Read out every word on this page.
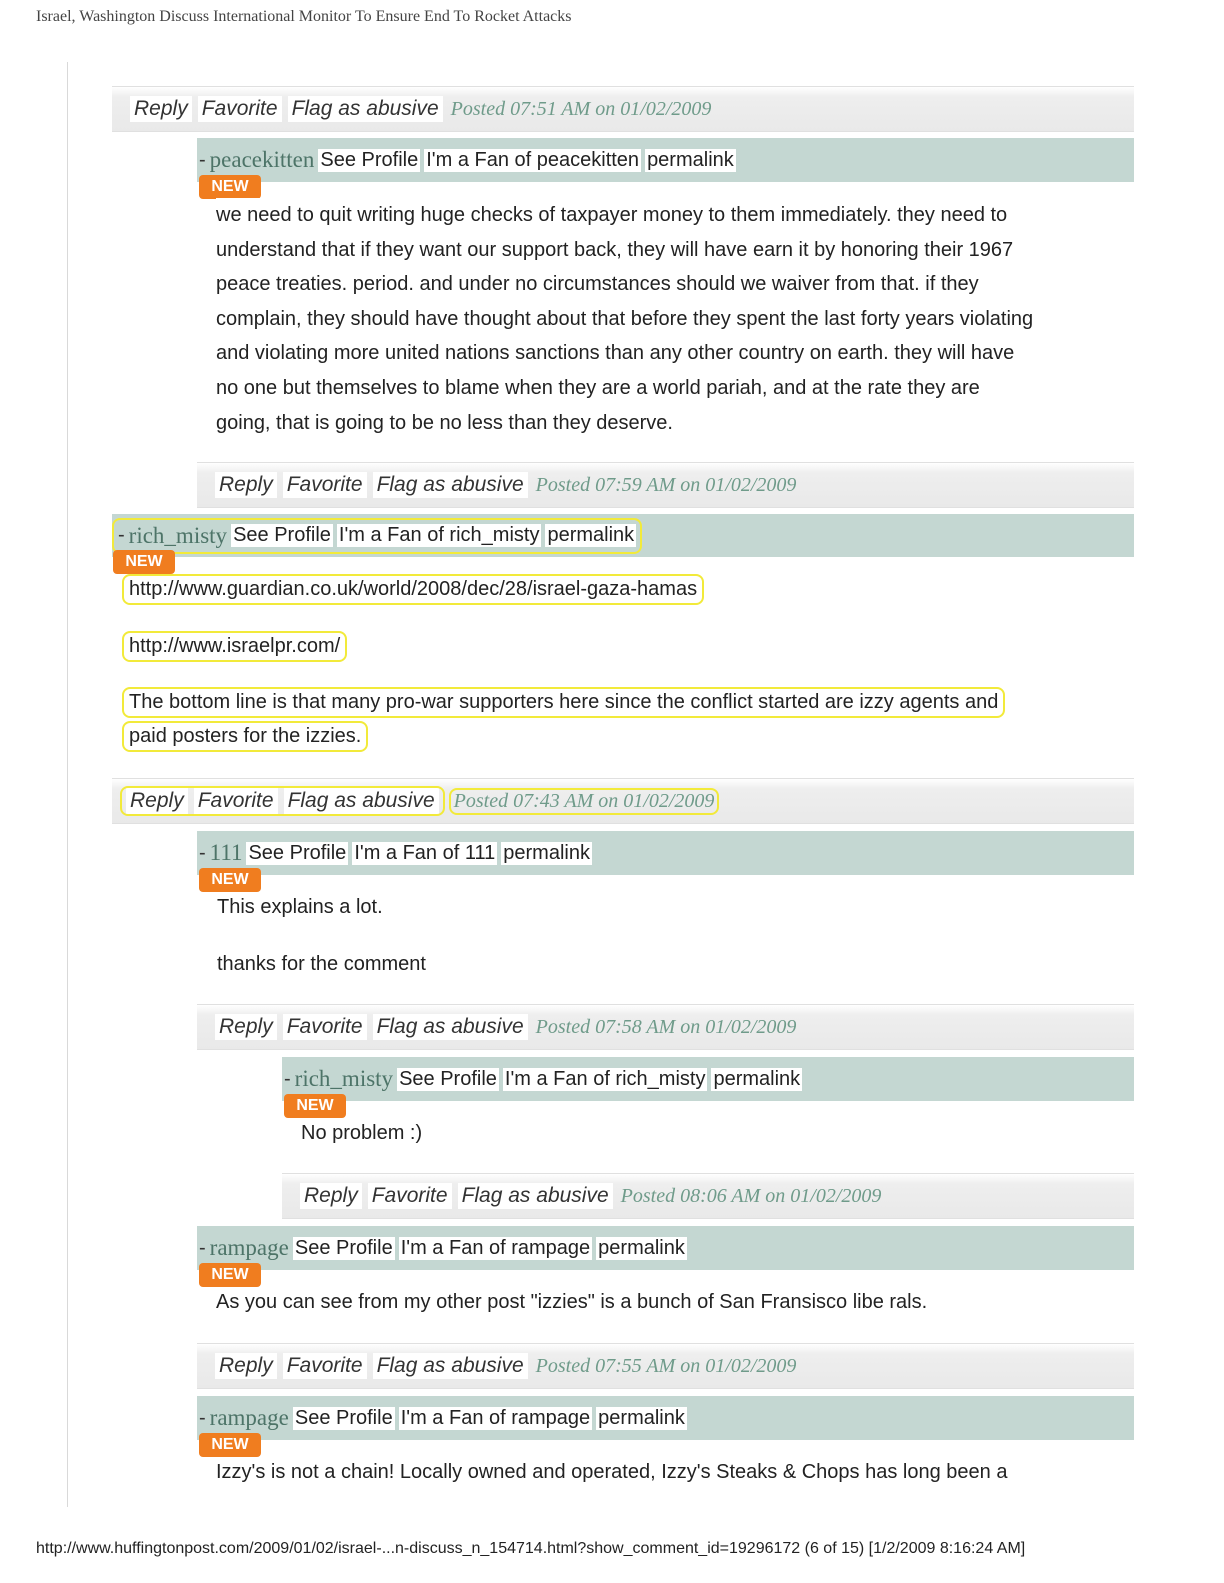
Israel, Washington Discuss International Monitor To Ensure End To Rocket Attacks
Reply Favorite Flag as abusive Posted 07:51 AM on 01/02/2009
- peacekitten See Profile I'm a Fan of peacekitten permalink
NEW
we need to quit writing huge checks of taxpayer money to them immediately. they need to
understand that if they want our support back, they will have earn it by honoring their 1967
peace treaties. period. and under no circumstances should we waiver from that. if they
complain, they should have thought about that before they spent the last forty years violating
and violating more united nations sanctions than any other country on earth. they will have
no one but themselves to blame when they are a world pariah, and at the rate they are
going, that is going to be no less than they deserve.
Reply Favorite Flag as abusive Posted 07:59 AM on 01/02/2009
- rich_misty See Profile I'm a Fan of rich_misty permalink
NEW
http://www.guardian.co.uk/world/2008/dec/28/israel-gaza-hamas
http://www.israelpr.com/
The bottom line is that many pro-war supporters here since the conflict started are izzy agents and
paid posters for the izzies.
Reply Favorite Flag as abusive Posted 07:43 AM on 01/02/2009
- 111 See Profile I'm a Fan of 111 permalink
NEW
This explains a lot.
thanks for the comment
Reply Favorite Flag as abusive Posted 07:58 AM on 01/02/2009
- rich_misty See Profile I'm a Fan of rich_misty permalink
NEW
No problem :)
Reply Favorite Flag as abusive Posted 08:06 AM on 01/02/2009
- rampage See Profile I'm a Fan of rampage permalink
NEW
As you can see from my other post "izzies" is a bunch of San Fransisco libe rals.
Reply Favorite Flag as abusive Posted 07:55 AM on 01/02/2009
- rampage See Profile I'm a Fan of rampage permalink
NEW
Izzy's is not a chain! Locally owned and operated, Izzy's Steaks & Chops has long been a
http://www.huffingtonpost.com/2009/01/02/israel-...n-discuss_n_154714.html?show_comment_id=19296172 (6 of 15) [1/2/2009 8:16:24 AM]
